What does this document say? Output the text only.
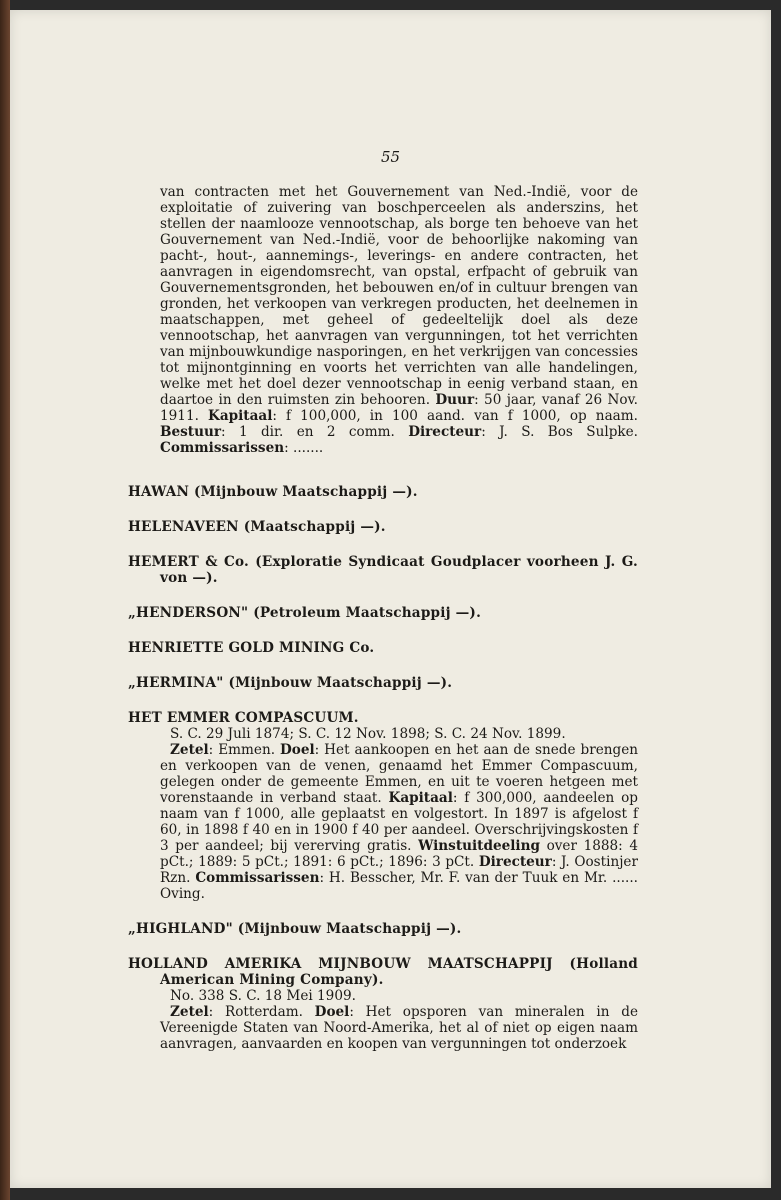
55

van contracten met het Gouvernement van Ned.-Indië, voor de exploitatie of zuivering van boschperceelen als anderszins, het stellen der naamlooze vennootschap, als borge ten behoeve van het Gouvernement van Ned.-Indië, voor de behoorlijke nakoming van pacht-, hout-, aannemings-, leverings- en andere contracten, het aanvragen in eigendomsrecht, van opstal, erfpacht of gebruik van Gouvernementsgronden, het bebouwen en/of in cultuur brengen van gronden, het verkoopen van verkregen producten, het deelnemen in maatschappen, met geheel of gedeeltelijk doel als deze vennootschap, het aanvragen van vergunningen, tot het verrichten van mijnbouwkundige nasporingen, en het verkrijgen van concessies tot mijnontginning en voorts het verrichten van alle handelingen, welke met het doel dezer vennootschap in eenig verband staan, en daartoe in den ruimsten zin behooren. Duur: 50 jaar, vanaf 26 Nov. 1911. Kapitaal: f 100,000, in 100 aand. van f 1000, op naam. Bestuur: 1 dir. en 2 comm. Directeur: J. S. Bos Sulpke. Commissarissen: .......

HAWAN (Mijnbouw Maatschappij —).
HELENAVEEN (Maatschappij —).
HEMERT & Co. (Exploratie Syndicaat Goudplacer voorheen J. G. von —).
„HENDERSON" (Petroleum Maatschappij —).
HENRIETTE GOLD MINING Co.
„HERMINA" (Mijnbouw Maatschappij —).
HET EMMER COMPASCUUM.

S. C. 29 Juli 1874; S. C. 12 Nov. 1898; S. C. 24 Nov. 1899.

Zetel: Emmen. Doel: Het aankoopen en het aan de snede brengen en verkoopen van de venen, genaamd het Emmer Compascuum, gelegen onder de gemeente Emmen, en uit te voeren hetgeen met vorenstaande in verband staat. Kapitaal: f 300,000, aandeelen op naam van f 1000, alle geplaatst en volgestort. In 1897 is afgelost f 60, in 1898 f 40 en in 1900 f 40 per aandeel. Overschrijvingskosten f 3 per aandeel; bij vererving gratis. Winstuitdeeling over 1888: 4 pCt.; 1889: 5 pCt.; 1891: 6 pCt.; 1896: 3 pCt. Directeur: J. Oostinjer Rzn. Commissarissen: H. Besscher, Mr. F. van der Tuuk en Mr. ...... Oving.

„HIGHLAND" (Mijnbouw Maatschappij —).
HOLLAND AMERIKA MIJNBOUW MAATSCHAPPIJ (Holland American Mining Company).

No. 338 S. C. 18 Mei 1909.

Zetel: Rotterdam. Doel: Het opsporen van mineralen in de Vereenigde Staten van Noord-Amerika, het al of niet op eigen naam aanvragen, aanvaarden en koopen van vergunningen tot onderzoek
